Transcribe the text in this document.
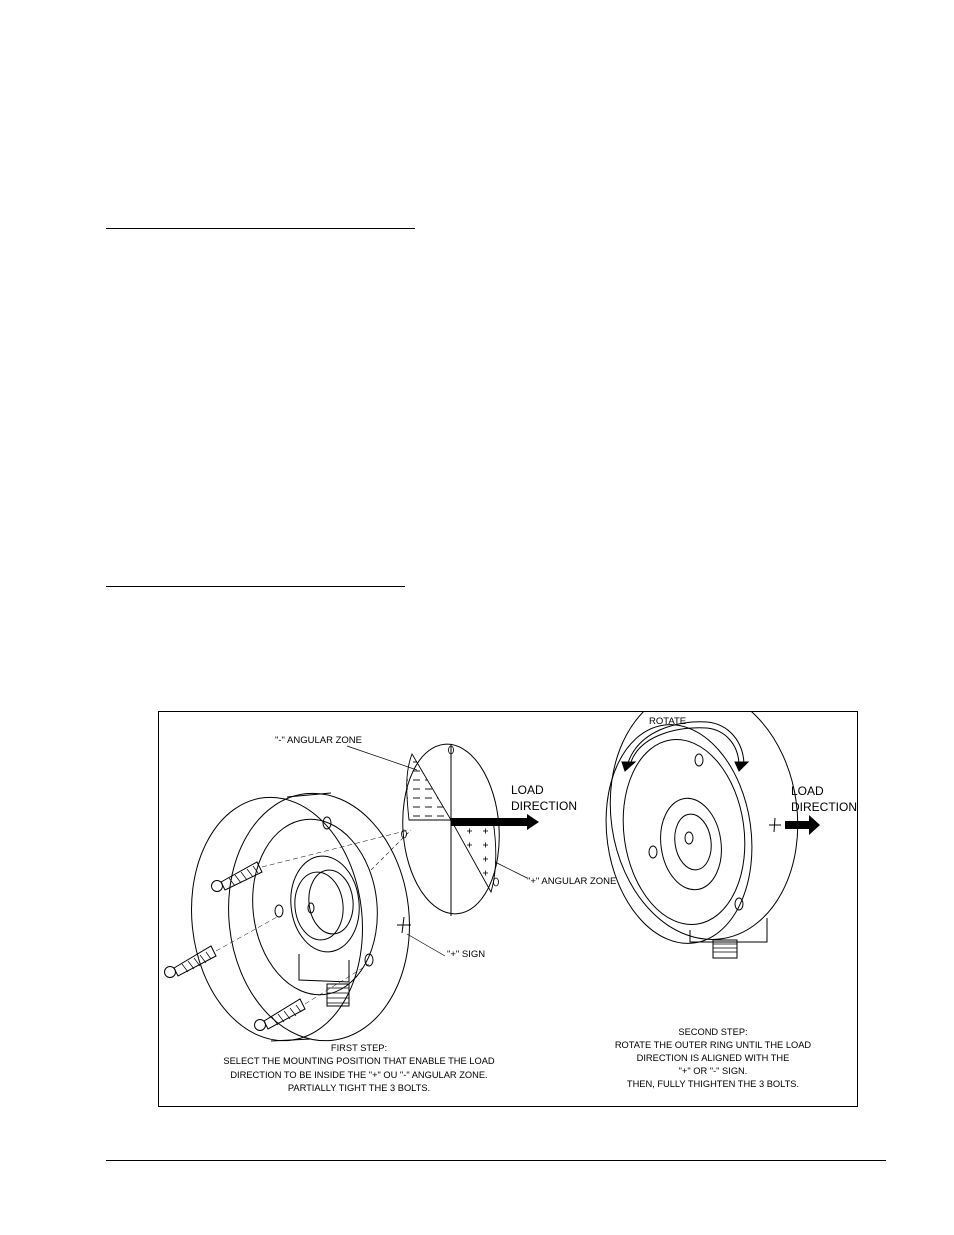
"-" ANGULAR ZONE
LOAD
DIRECTION
"+" ANGULAR ZONE
"+" SIGN
ROTATE
LOAD
DIRECTION
FIRST STEP:
SELECT THE MOUNTING POSITION THAT ENABLE THE LOAD
DIRECTION TO BE INSIDE THE "+" OU "-" ANGULAR ZONE.
PARTIALLY TIGHT THE 3 BOLTS.
SECOND STEP:
ROTATE THE OUTER RING UNTIL THE LOAD
DIRECTION IS ALIGNED WITH THE
"+" OR "-" SIGN.
THEN, FULLY THIGHTEN THE 3 BOLTS.
